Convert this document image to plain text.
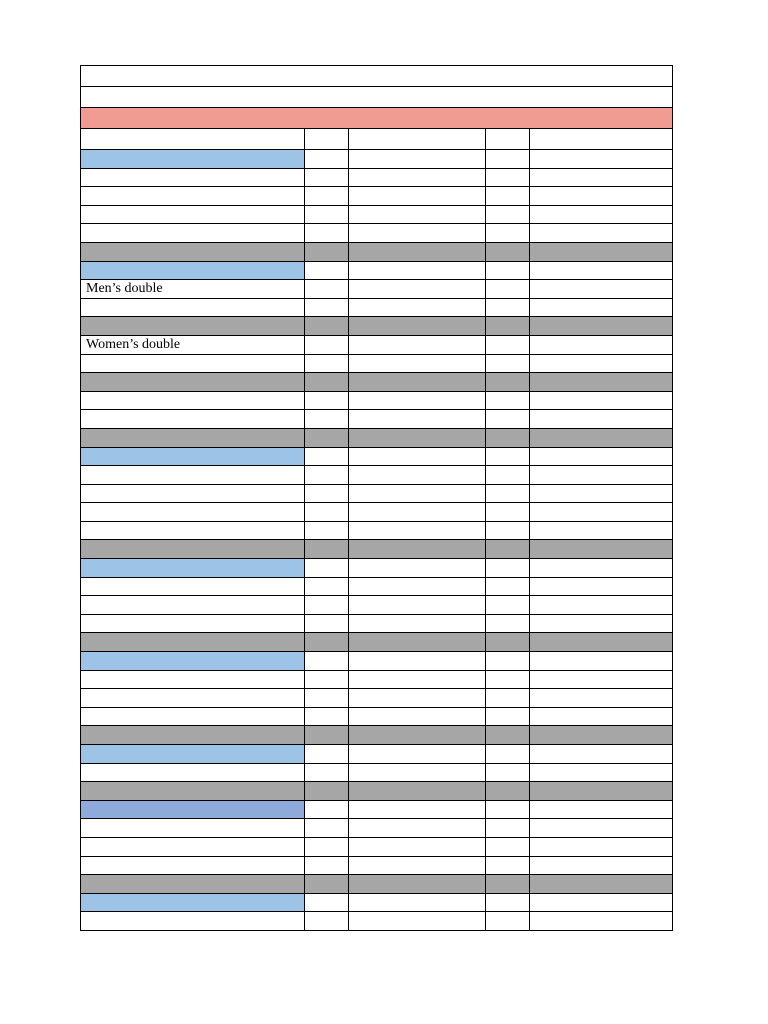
Men’s double				

Women’s double				
